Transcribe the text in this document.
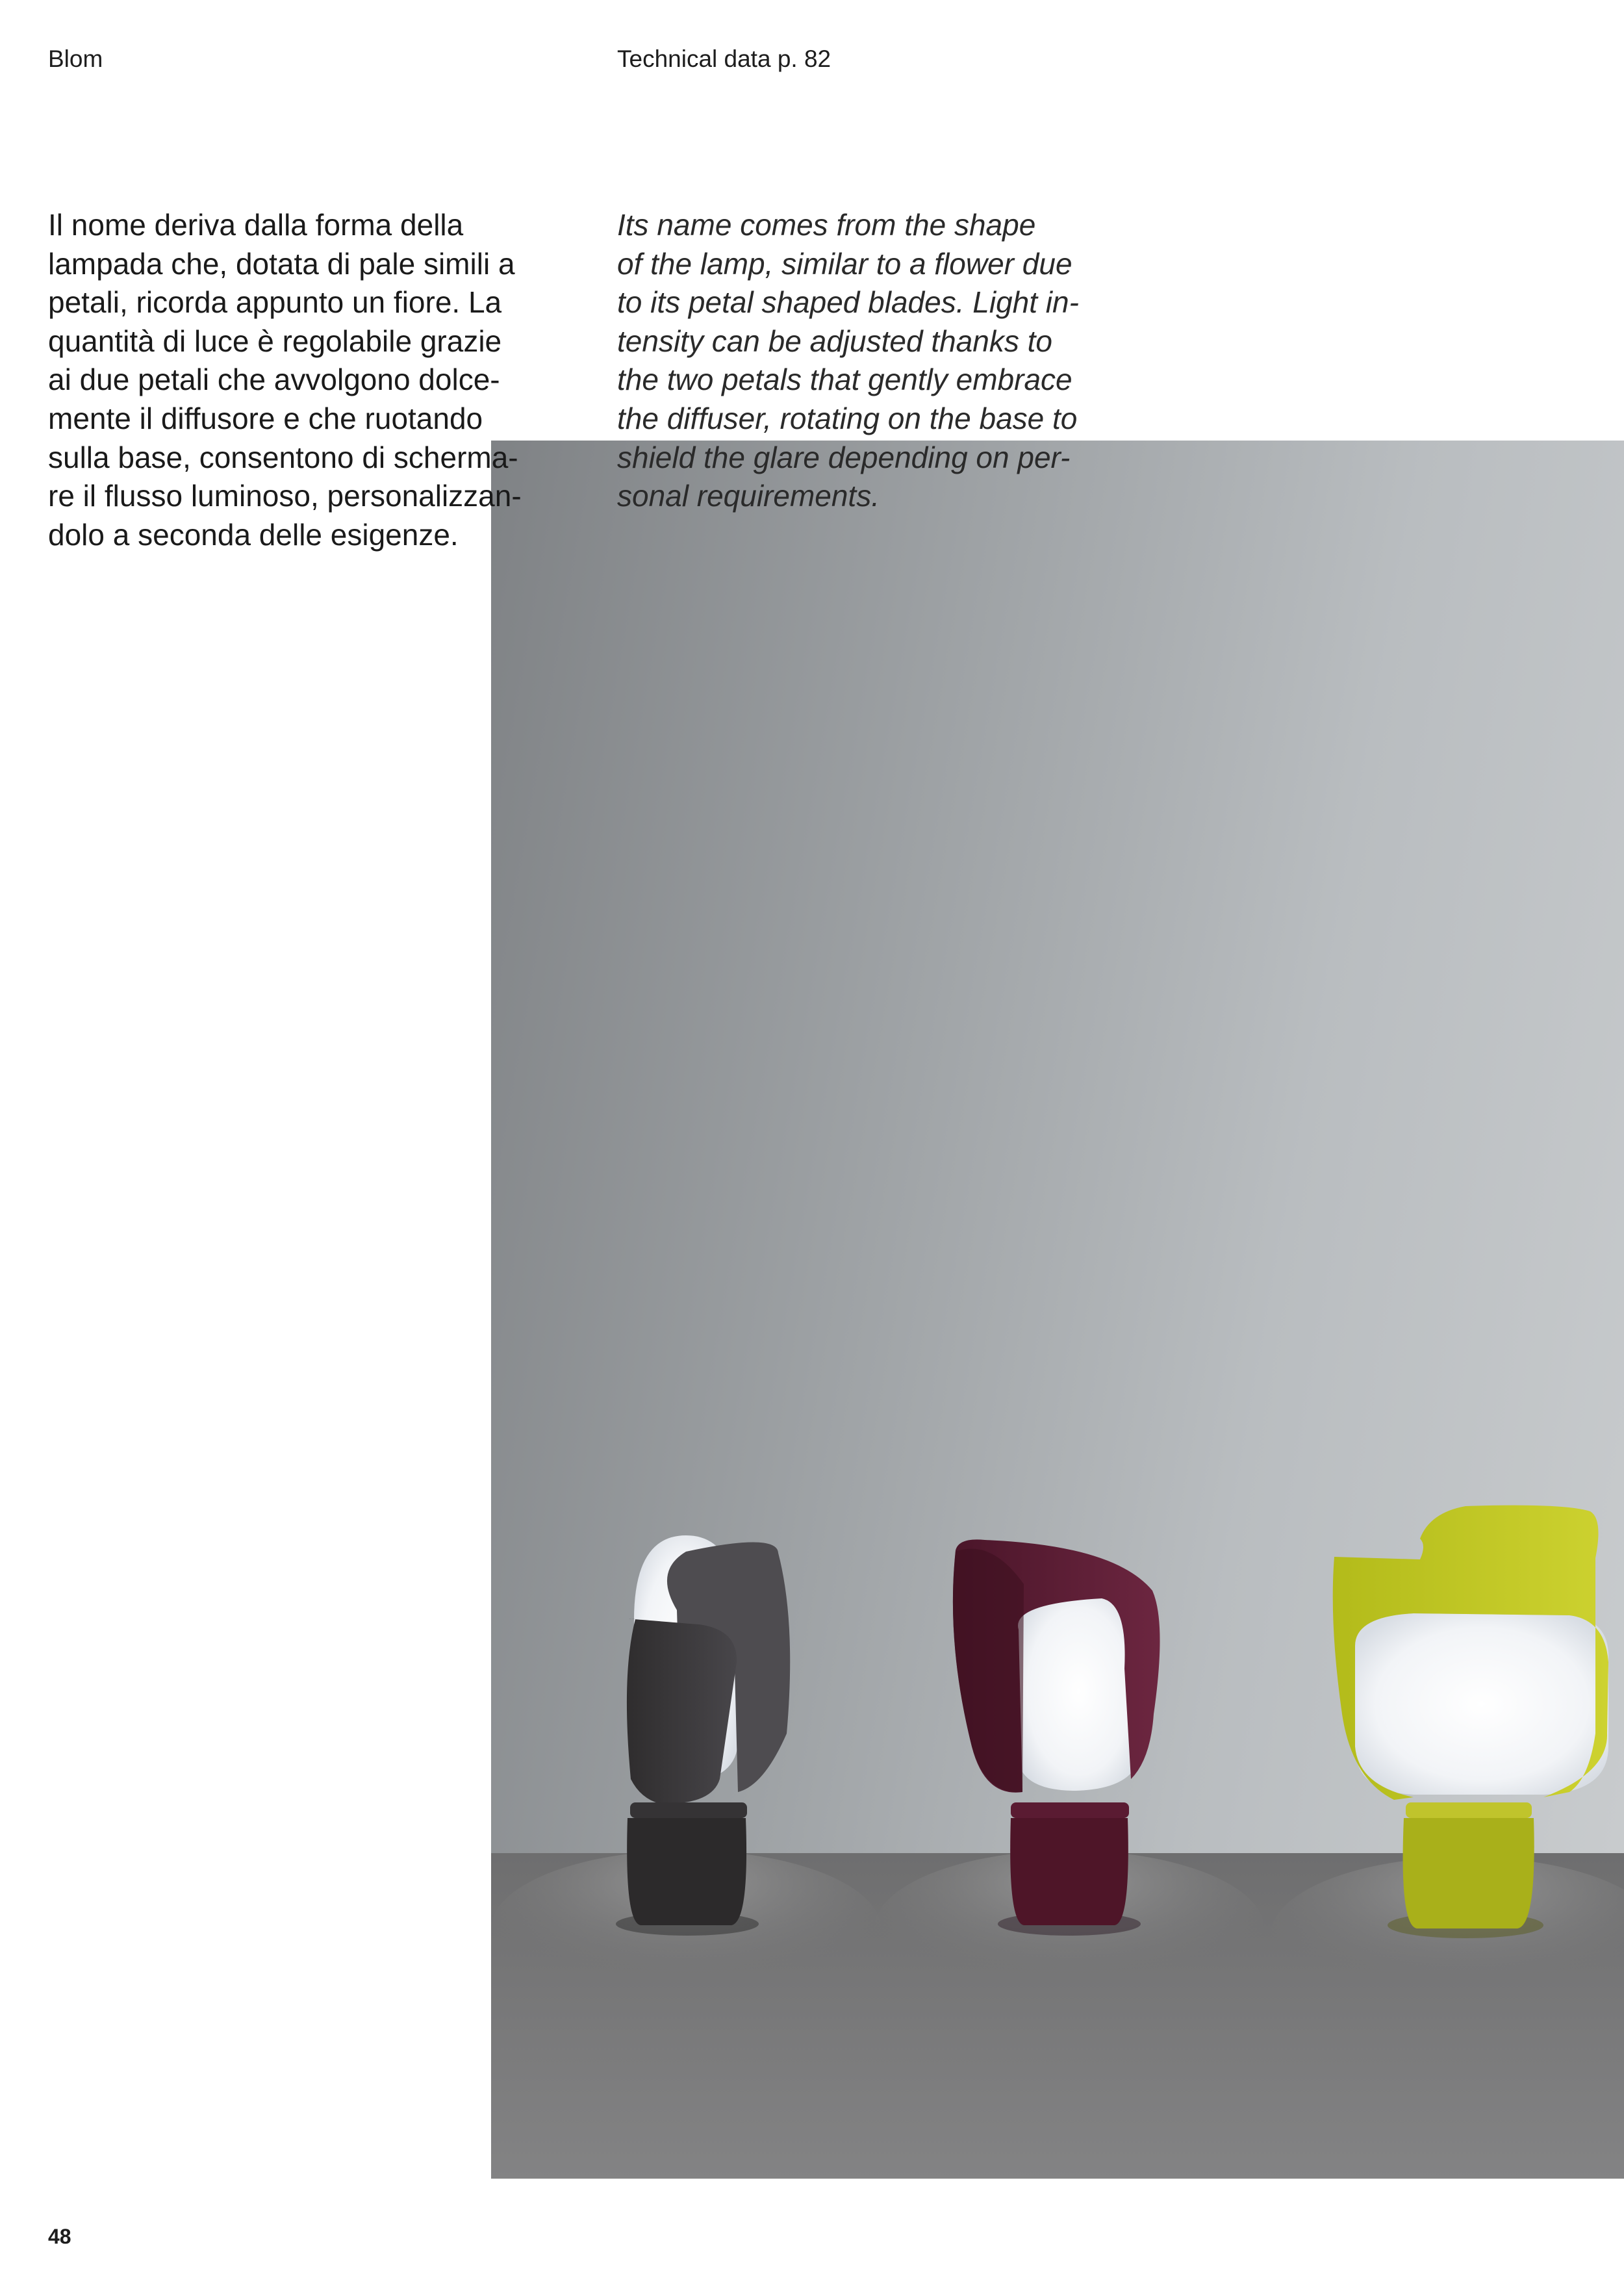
Blom	Technical data p. 82

Il nome deriva dalla forma della
lampada che, dotata di pale simili a
petali, ricorda appunto un fiore. La
quantità di luce è regolabile grazie
ai due petali che avvolgono dolce-
mente il diffusore e che ruotando
sulla base, consentono di scherma-
re il flusso luminoso, personalizzan-
dolo a seconda delle esigenze.

Its name comes from the shape
of the lamp, similar to a flower due
to its petal shaped blades. Light in-
tensity can be adjusted thanks to
the two petals that gently embrace
the diffuser, rotating on the base to
shield the glare depending on per-
sonal requirements.

48
